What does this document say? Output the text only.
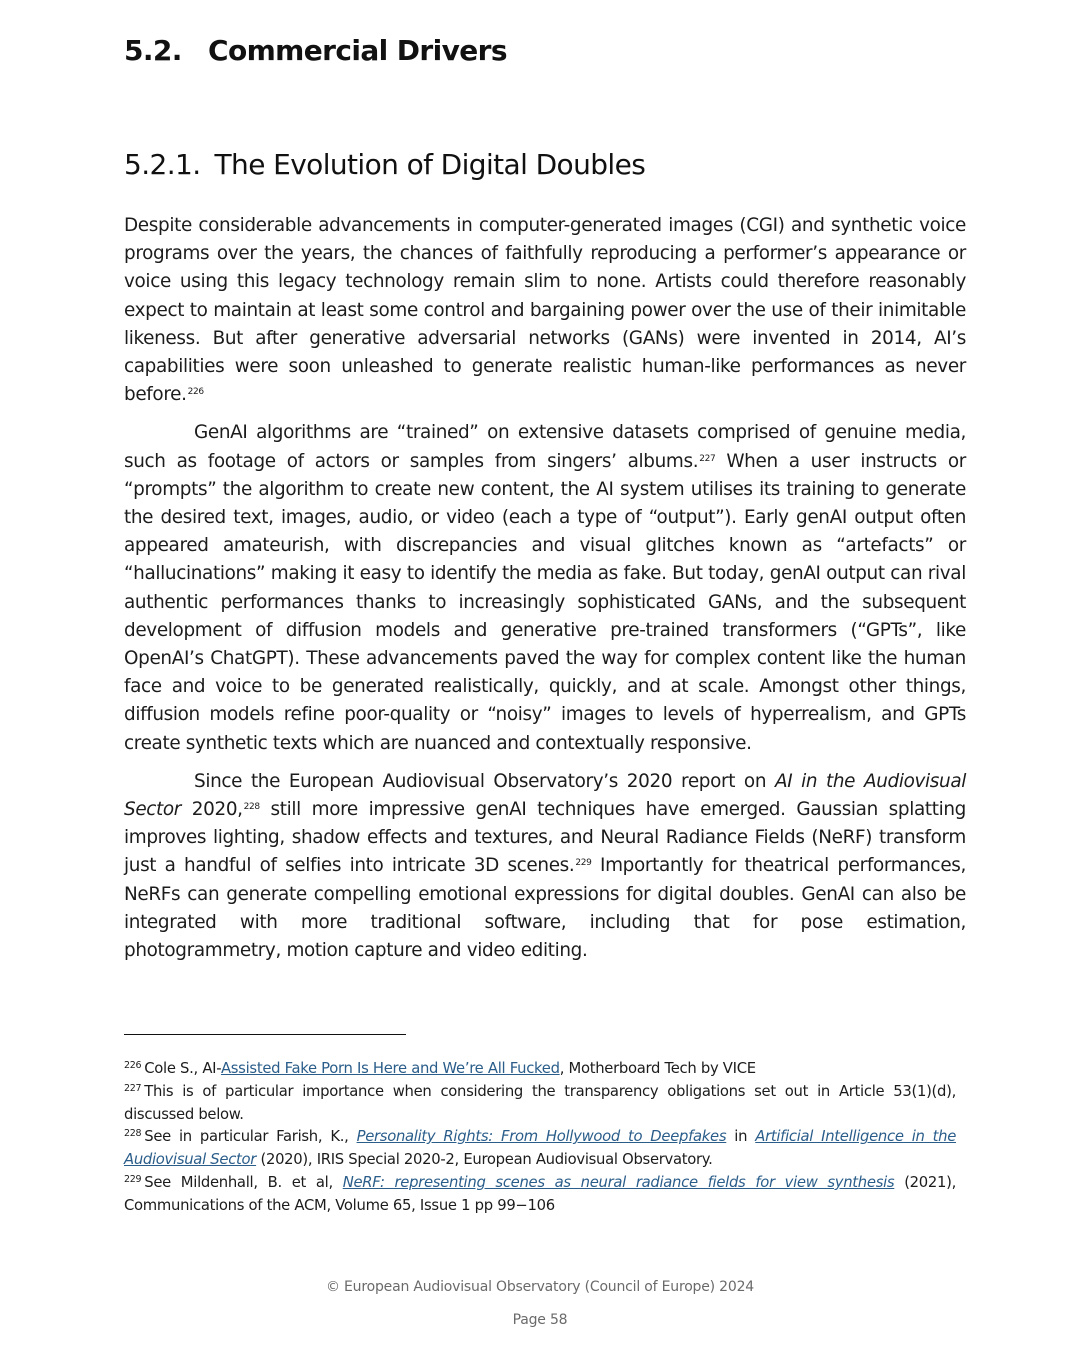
5.2. Commercial Drivers
5.2.1. The Evolution of Digital Doubles

Despite considerable advancements in computer-generated images (CGI) and synthetic voice programs over the years, the chances of faithfully reproducing a performer’s appearance or voice using this legacy technology remain slim to none. Artists could therefore reasonably expect to maintain at least some control and bargaining power over the use of their inimitable likeness. But after generative adversarial networks (GANs) were invented in 2014, AI’s capabilities were soon unleashed to generate realistic human-like performances as never before.$^{226}$

GenAI algorithms are “trained” on extensive datasets comprised of genuine media, such as footage of actors or samples from singers’ albums.$^{227}$ When a user instructs or “prompts” the algorithm to create new content, the AI system utilises its training to generate the desired text, images, audio, or video (each a type of “output”). Early genAI output often appeared amateurish, with discrepancies and visual glitches known as “artefacts” or “hallucinations” making it easy to identify the media as fake. But today, genAI output can rival authentic performances thanks to increasingly sophisticated GANs, and the subsequent development of diffusion models and generative pre-trained transformers (“GPTs”, like OpenAI’s ChatGPT). These advancements paved the way for complex content like the human face and voice to be generated realistically, quickly, and at scale. Amongst other things, diffusion models refine poor-quality or “noisy” images to levels of hyperrealism, and GPTs create synthetic texts which are nuanced and contextually responsive.

Since the European Audiovisual Observatory’s 2020 report on AI in the Audiovisual Sector 2020,$^{228}$ still more impressive genAI techniques have emerged. Gaussian splatting improves lighting, shadow effects and textures, and Neural Radiance Fields (NeRF) transform just a handful of selfies into intricate 3D scenes.$^{229}$ Importantly for theatrical performances, NeRFs can generate compelling emotional expressions for digital doubles. GenAI can also be integrated with more traditional software, including that for pose estimation, photogrammetry, motion capture and video editing.

$^{226}$ Cole S., AI-Assisted Fake Porn Is Here and We’re All Fucked, Motherboard Tech by VICE

$^{227}$ This is of particular importance when considering the transparency obligations set out in Article 53(1)(d), discussed below.

$^{228}$ See in particular Farish, K., Personality Rights: From Hollywood to Deepfakes in Artificial Intelligence in the Audiovisual Sector (2020), IRIS Special 2020-2, European Audiovisual Observatory.

$^{229}$ See Mildenhall, B. et al, NeRF: representing scenes as neural radiance fields for view synthesis (2021), Communications of the ACM, Volume 65, Issue 1 pp 99−106

© European Audiovisual Observatory (Council of Europe) 2024
Page 58
